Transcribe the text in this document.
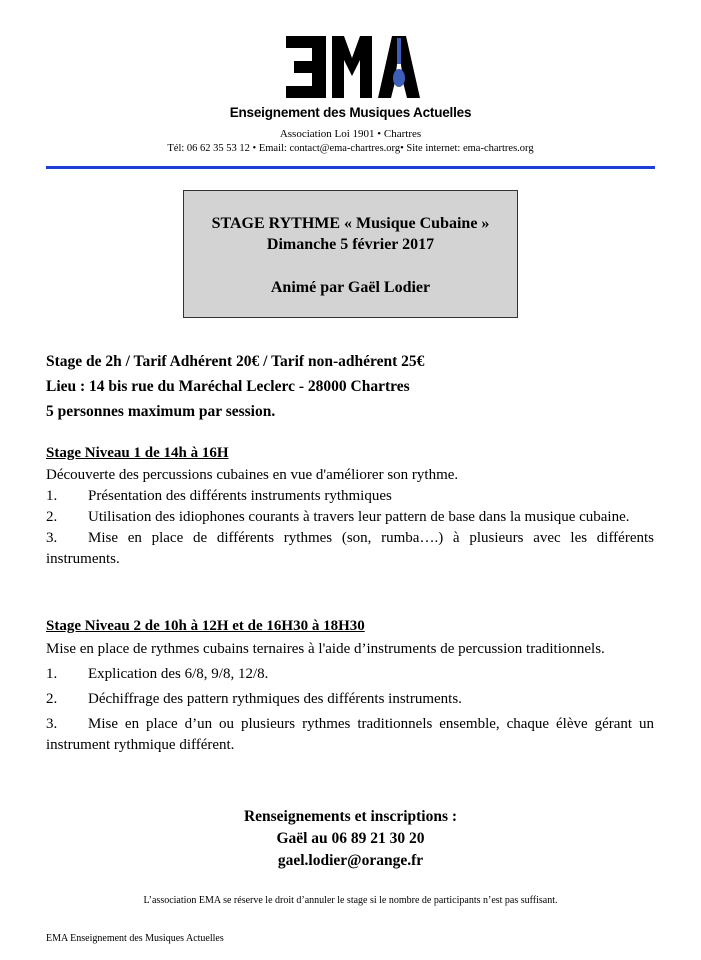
EMA
Enseignement des Musiques Actuelles
Association Loi 1901 • Chartres
Tél: 06 62 35 53 12 • Email: contact@ema-chartres.org• Site internet: ema-chartres.org
STAGE RYTHME « Musique Cubaine »
Dimanche 5 février 2017
Animé par Gaël Lodier
Stage de 2h / Tarif Adhérent 20€ / Tarif non-adhérent 25€
Lieu : 14 bis rue du Maréchal Leclerc - 28000 Chartres
5 personnes maximum par session.

Stage Niveau 1 de 14h à 16H

Découverte des percussions cubaines en vue d'améliorer son rythme.

1. Présentation des différents instruments rythmiques

2. Utilisation des idiophones courants à travers leur pattern de base dans la musique cubaine.

3. Mise en place de différents rythmes (son, rumba….) à plusieurs avec les différents instruments.

Stage Niveau 2 de 10h à 12H et de 16H30 à 18H30

Mise en place de rythmes cubains ternaires à l'aide d’instruments de percussion traditionnels.

1. Explication des 6/8, 9/8, 12/8.

2. Déchiffrage des pattern rythmiques des différents instruments.

3. Mise en place d’un ou plusieurs rythmes traditionnels ensemble, chaque élève gérant un instrument rythmique différent.

Renseignements et inscriptions :
Gaël au 06 89 21 30 20
gael.lodier@orange.fr
L’association EMA se réserve le droit d’annuler le stage si le nombre de participants n’est pas suffisant.
EMA Enseignement des Musiques Actuelles
